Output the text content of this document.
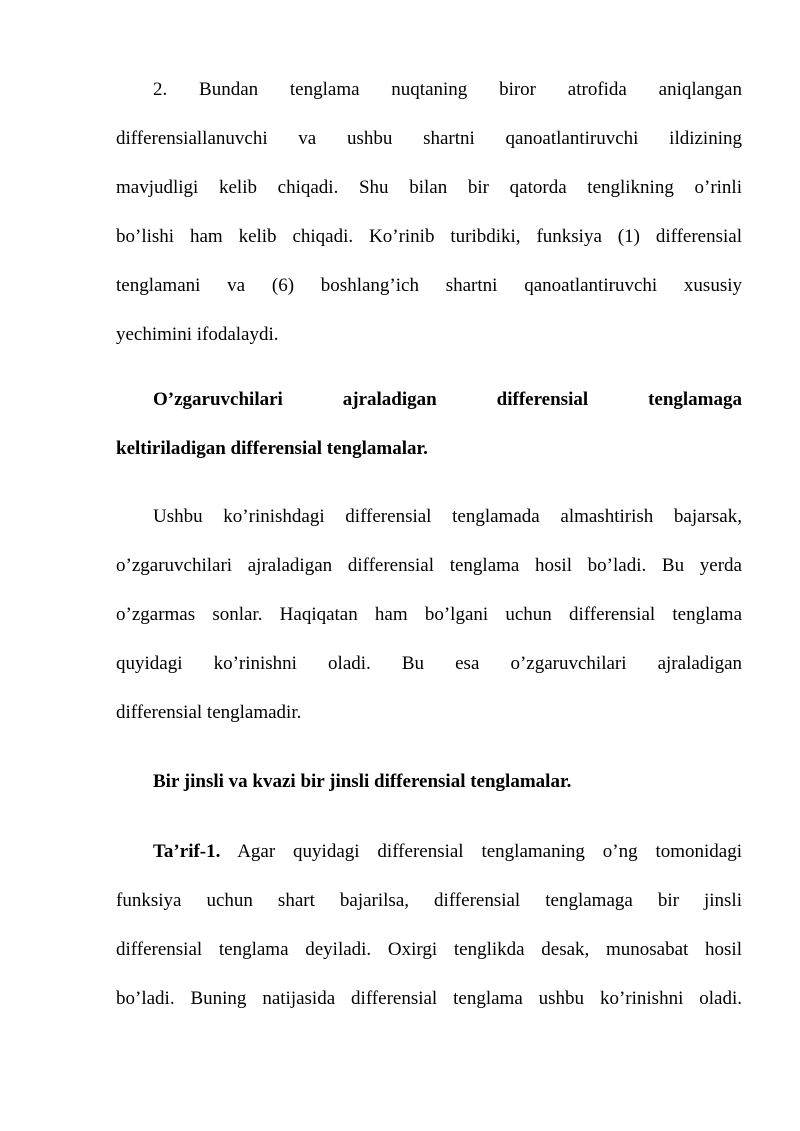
2. Bundan tenglama nuqtaning biror atrofida aniqlangan
differensiallanuvchi va ushbu shartni qanoatlantiruvchi ildizining
mavjudligi kelib chiqadi. Shu bilan bir qatorda tenglikning o’rinli
bo’lishi ham kelib chiqadi. Ko’rinib turibdiki, funksiya (1) differensial
tenglamani va (6) boshlang’ich shartni qanoatlantiruvchi xususiy
yechimini ifodalaydi.
O’zgaruvchilari ajraladigan differensial tenglamaga
keltiriladigan differensial tenglamalar.
Ushbu ko’rinishdagi differensial tenglamada almashtirish bajarsak,
o’zgaruvchilari ajraladigan differensial tenglama hosil bo’ladi. Bu yerda
o’zgarmas sonlar. Haqiqatan ham bo’lgani uchun differensial tenglama
quyidagi ko’rinishni oladi. Bu esa o’zgaruvchilari ajraladigan
differensial tenglamadir.
Bir jinsli va kvazi bir jinsli differensial tenglamalar.
Ta’rif-1. Agar quyidagi differensial tenglamaning o’ng tomonidagi
funksiya uchun shart bajarilsa, differensial tenglamaga bir jinsli
differensial tenglama deyiladi. Oxirgi tenglikda desak, munosabat hosil
bo’ladi. Buning natijasida differensial tenglama ushbu ko’rinishni oladi.
